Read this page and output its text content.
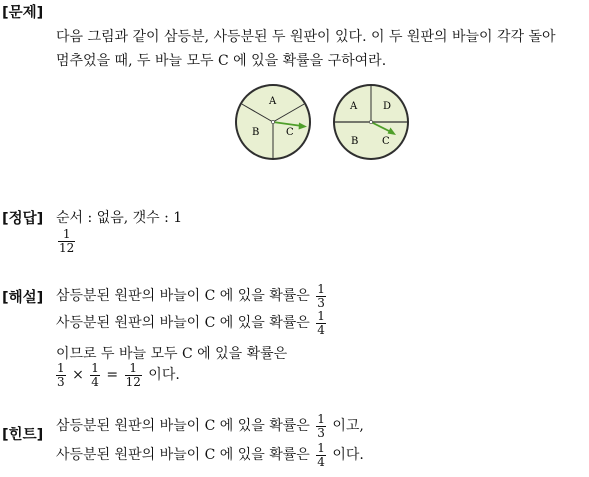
[문제]
다음 그림과 같이 삼등분, 사등분된 두 원판이 있다. 이 두 원판의 바늘이 각각 돌아
멈추었을 때, 두 바늘 모두 C 에 있을 확률을 구하여라.
A
B	C
A	D
B C
[정답] 순서 : 없음, 갯수 : 1
$\frac{1}{12}$
[해설] 삼등분된 원판의 바늘이 C 에 있을 확률은 $\frac{1}{3}$
사등분된 원판의 바늘이 C 에 있을 확률은 $\frac{1}{4}$
이므로 두 바늘 모두 C 에 있을 확률은
$\frac{1}{3} \times \frac{1}{4} = \frac{1}{12}$ 이다.
[힌트]
삼등분된 원판의 바늘이 C 에 있을 확률은 $\frac{1}{3}$ 이고,
사등분된 원판의 바늘이 C 에 있을 확률은 $\frac{1}{4}$ 이다.
